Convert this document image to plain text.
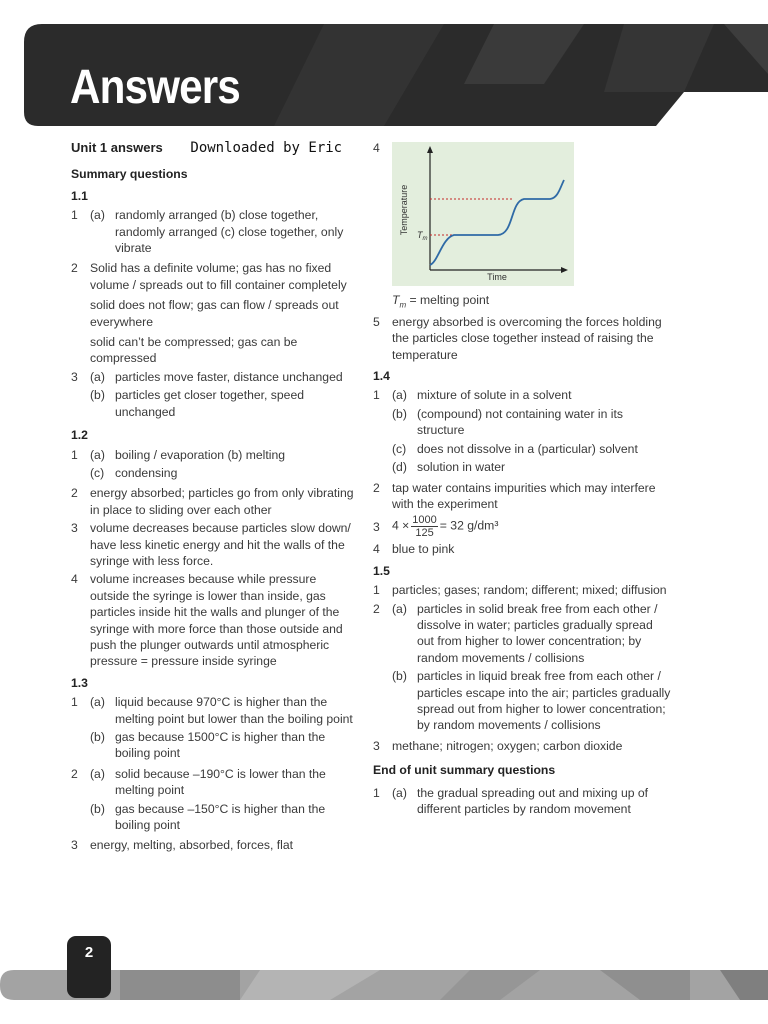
Answers
Unit 1 answers Downloaded by Eric
Summary questions
1.1
1	(a) randomly arranged (b) close together, randomly arranged (c) close together, only vibrate
2	Solid has a definite volume; gas has no fixed volume / spreads out to fill container completely
solid does not flow; gas can flow / spreads out everywhere
solid can’t be compressed; gas can be compressed
3	(a) particles move faster, distance unchanged
(b) particles get closer together, speed unchanged
1.2
1	(a) boiling / evaporation (b) melting
(c) condensing
2	energy absorbed; particles go from only vibrating in place to sliding over each other
3	volume decreases because particles slow down/ have less kinetic energy and hit the walls of the syringe with less force.
4	volume increases because while pressure outside the syringe is lower than inside, gas particles inside hit the walls and plunger of the syringe with more force than those outside and push the plunger outwards until atmospheric pressure = pressure inside syringe
1.3
1	(a) liquid because 970°C is higher than the melting point but lower than the boiling point
(b) gas because 1500°C is higher than the boiling point
2	(a) solid because –190°C is lower than the melting point
(b) gas because –150°C is higher than the boiling point
3	energy, melting, absorbed, forces, flat
4
Temperature
Time
$T_m$
$T_m$ = melting point
5	energy absorbed is overcoming the forces holding the particles close together instead of raising the temperature
1.4
1	(a) mixture of solute in a solvent
(b) (compound) not containing water in its structure
(c) does not dissolve in a (particular) solvent
(d) solution in water
2	tap water contains impurities which may interfere with the experiment
3	$4 \times \frac{1000}{125} = 32$ g/dm³
4	blue to pink
1.5
1	particles; gases; random; different; mixed; diffusion
2	(a) particles in solid break free from each other / dissolve in water; particles gradually spread out from higher to lower concentration; by random movements / collisions
(b) particles in liquid break free from each other / particles escape into the air; particles gradually spread out from higher to lower concentration; by random movements / collisions
3	methane; nitrogen; oxygen; carbon dioxide
End of unit summary questions
1	(a) the gradual spreading out and mixing up of different particles by random movement
2
